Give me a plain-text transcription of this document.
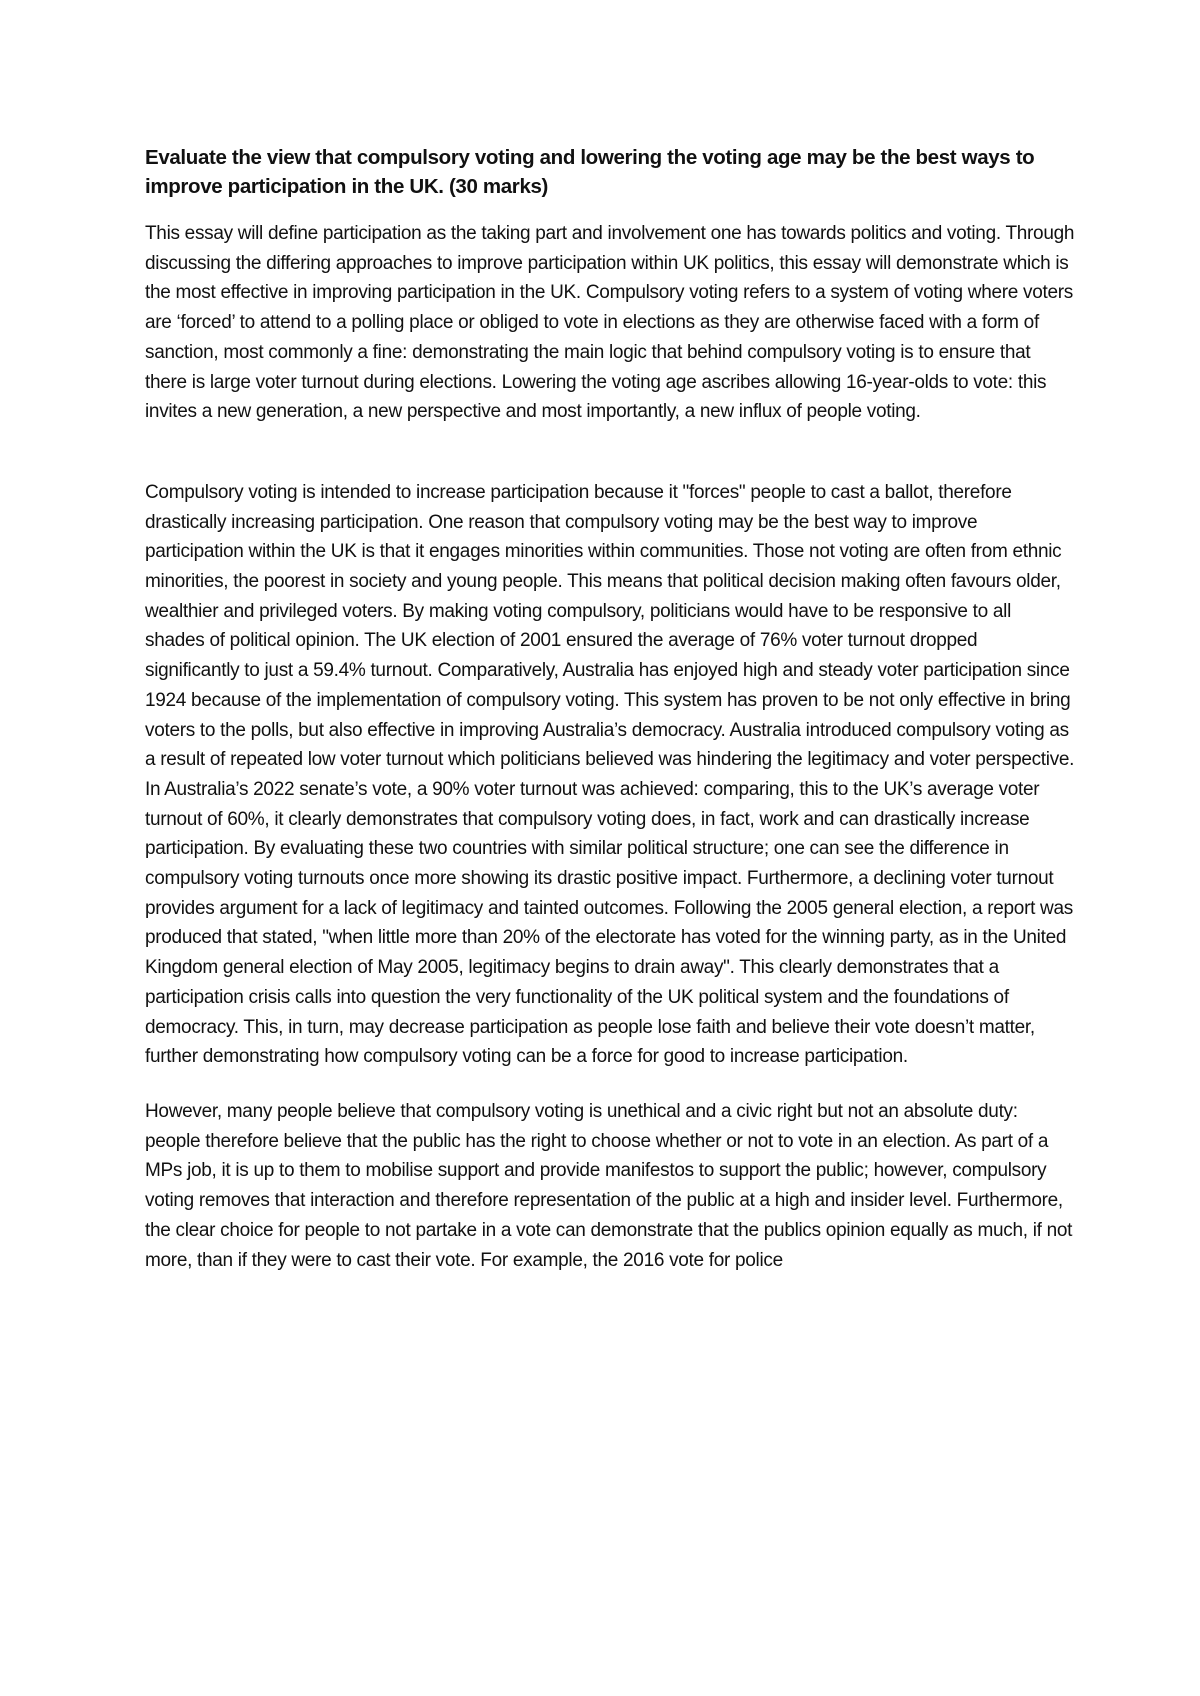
Evaluate the view that compulsory voting and lowering the voting age may be the best ways to improve participation in the UK. (30 marks)

This essay will define participation as the taking part and involvement one has towards politics and voting. Through discussing the differing approaches to improve participation within UK politics, this essay will demonstrate which is the most effective in improving participation in the UK. Compulsory voting refers to a system of voting where voters are ‘forced’ to attend to a polling place or obliged to vote in elections as they are otherwise faced with a form of sanction, most commonly a fine: demonstrating the main logic that behind compulsory voting is to ensure that there is large voter turnout during elections. Lowering the voting age ascribes allowing 16-year-olds to vote: this invites a new generation, a new perspective and most importantly, a new influx of people voting.

Compulsory voting is intended to increase participation because it "forces" people to cast a ballot, therefore drastically increasing participation. One reason that compulsory voting may be the best way to improve participation within the UK is that it engages minorities within communities. Those not voting are often from ethnic minorities, the poorest in society and young people. This means that political decision making often favours older, wealthier and privileged voters. By making voting compulsory, politicians would have to be responsive to all shades of political opinion. The UK election of 2001 ensured the average of 76% voter turnout dropped significantly to just a 59.4% turnout. Comparatively, Australia has enjoyed high and steady voter participation since 1924 because of the implementation of compulsory voting. This system has proven to be not only effective in bring voters to the polls, but also effective in improving Australia’s democracy. Australia introduced compulsory voting as a result of repeated low voter turnout which politicians believed was hindering the legitimacy and voter perspective. In Australia’s 2022 senate’s vote, a 90% voter turnout was achieved: comparing, this to the UK’s average voter turnout of 60%, it clearly demonstrates that compulsory voting does, in fact, work and can drastically increase participation. By evaluating these two countries with similar political structure; one can see the difference in compulsory voting turnouts once more showing its drastic positive impact. Furthermore, a declining voter turnout provides argument for a lack of legitimacy and tainted outcomes. Following the 2005 general election, a report was produced that stated, "when little more than 20% of the electorate has voted for the winning party, as in the United Kingdom general election of May 2005, legitimacy begins to drain away". This clearly demonstrates that a participation crisis calls into question the very functionality of the UK political system and the foundations of democracy. This, in turn, may decrease participation as people lose faith and believe their vote doesn’t matter, further demonstrating how compulsory voting can be a force for good to increase participation.

However, many people believe that compulsory voting is unethical and a civic right but not an absolute duty: people therefore believe that the public has the right to choose whether or not to vote in an election. As part of a MPs job, it is up to them to mobilise support and provide manifestos to support the public; however, compulsory voting removes that interaction and therefore representation of the public at a high and insider level. Furthermore, the clear choice for people to not partake in a vote can demonstrate that the publics opinion equally as much, if not more, than if they were to cast their vote. For example, the 2016 vote for police
